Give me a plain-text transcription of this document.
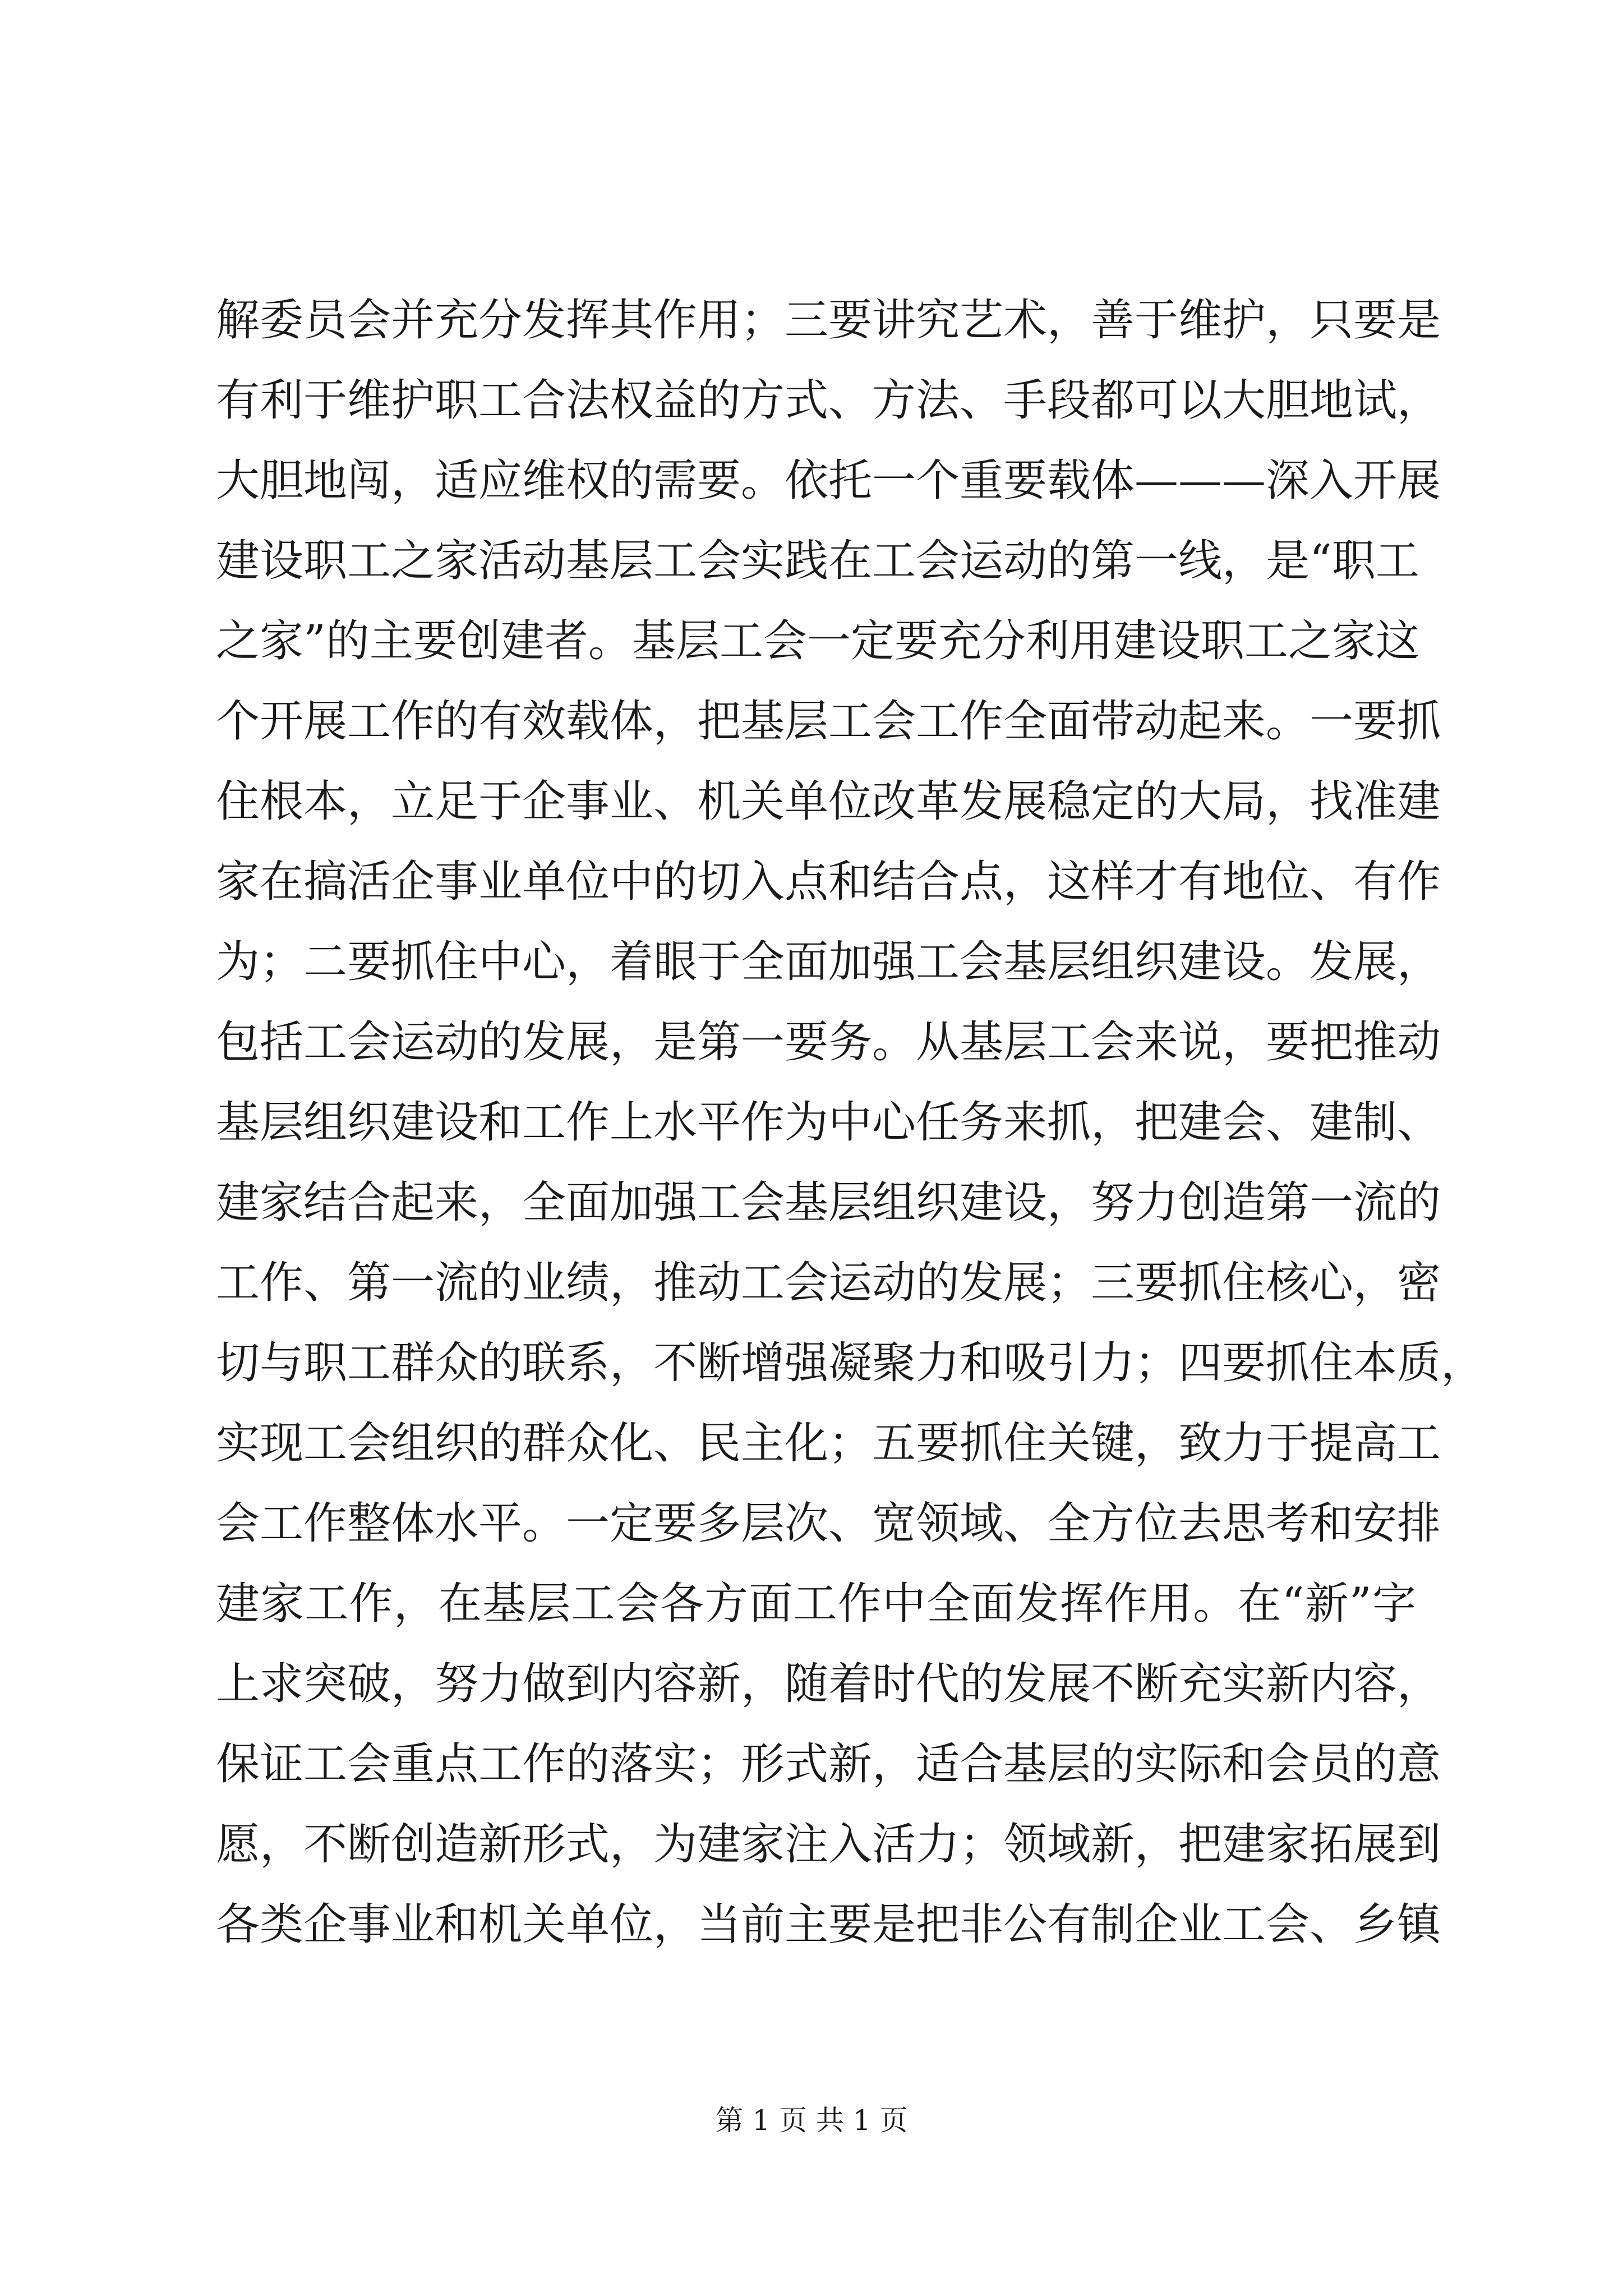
解委员会并充分发挥其作用；三要讲究艺术，善于维护，只要是
有利于维护职工合法权益的方式、方法、手段都可以大胆地试，
大胆地闯，适应维权的需要。依托一个重要载体———深入开展
建设职工之家活动基层工会实践在工会运动的第一线，是“职工
之家”的主要创建者。基层工会一定要充分利用建设职工之家这
个开展工作的有效载体，把基层工会工作全面带动起来。一要抓
住根本，立足于企事业、机关单位改革发展稳定的大局，找准建
家在搞活企事业单位中的切入点和结合点，这样才有地位、有作
为；二要抓住中心，着眼于全面加强工会基层组织建设。发展，
包括工会运动的发展，是第一要务。从基层工会来说，要把推动
基层组织建设和工作上水平作为中心任务来抓，把建会、建制、
建家结合起来，全面加强工会基层组织建设，努力创造第一流的
工作、第一流的业绩，推动工会运动的发展；三要抓住核心，密
切与职工群众的联系，不断增强凝聚力和吸引力；四要抓住本质，
实现工会组织的群众化、民主化；五要抓住关键，致力于提高工
会工作整体水平。一定要多层次、宽领域、全方位去思考和安排
建家工作，在基层工会各方面工作中全面发挥作用。在“新”字
上求突破，努力做到内容新，随着时代的发展不断充实新内容，
保证工会重点工作的落实；形式新，适合基层的实际和会员的意
愿，不断创造新形式，为建家注入活力；领域新，把建家拓展到
各类企事业和机关单位，当前主要是把非公有制企业工会、乡镇
第 1 页 共 1 页
